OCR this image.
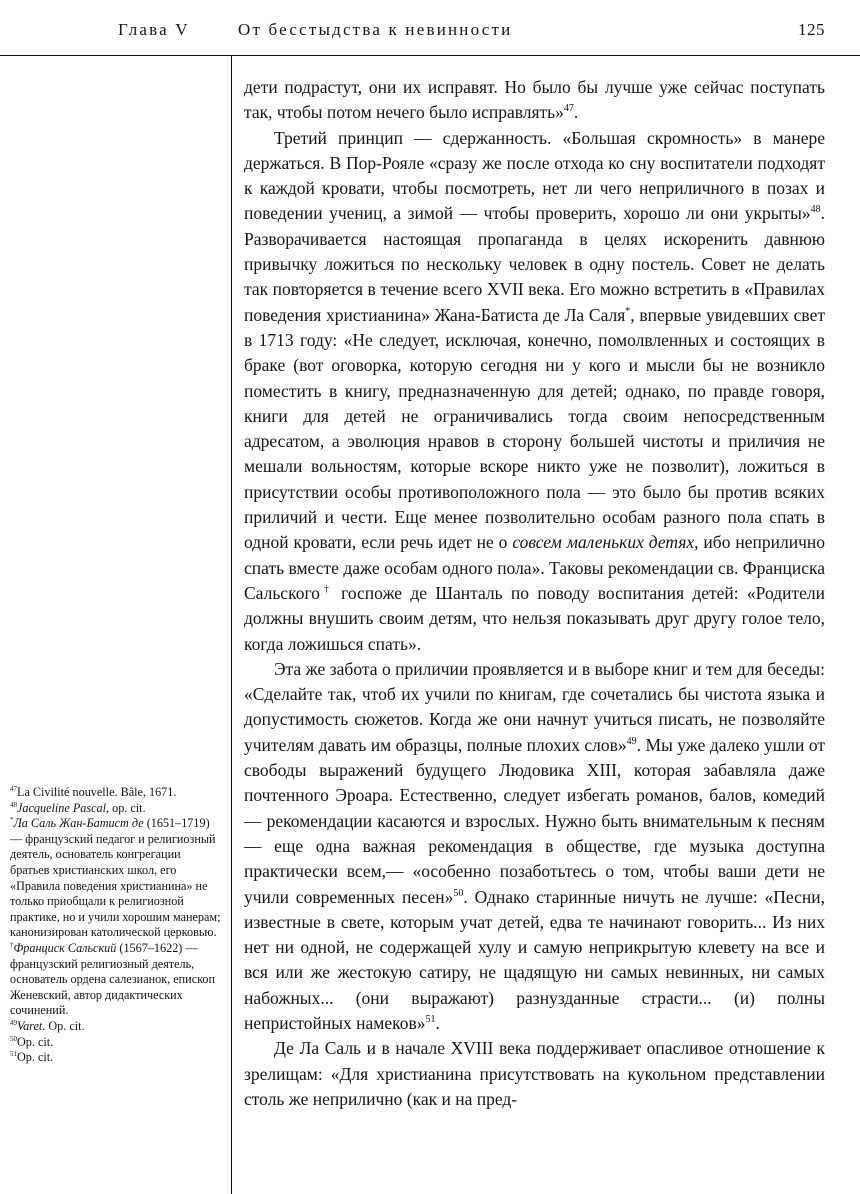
Глава V	От бесстыдства к невинности	125

дети подрастут, они их исправят. Но было бы лучше уже сейчас поступать так, чтобы потом нечего было исправлять»$^{47}$.

Третий принцип — сдержанность. «Большая скромность» в манере держаться. В Пор-Рояле «сразу же после отхода ко сну воспитатели подходят к каждой кровати, чтобы посмотреть, нет ли чего неприличного в позах и поведении учениц, а зимой — чтобы проверить, хорошо ли они укрыты»$^{48}$. Разворачивается настоящая пропаганда в целях искоренить давнюю привычку ложиться по нескольку человек в одну постель. Совет не делать так повторяется в течение всего XVII века. Его можно встретить в «Правилах поведения христианина» Жана-Батиста де Ла Саля*, впервые увидевших свет в 1713 году: «Не следует, исключая, конечно, помолвленных и состоящих в браке (вот оговорка, которую сегодня ни у кого и мысли бы не возникло поместить в книгу, предназначенную для детей; однако, по правде говоря, книги для детей не ограничивались тогда своим непосредственным адресатом, а эволюция нравов в сторону большей чистоты и приличия не мешали вольностям, которые вскоре никто уже не позволит), ложиться в присутствии особы противоположного пола — это было бы против всяких приличий и чести. Еще менее позволительно особам разного пола спать в одной кровати, если речь идет не о совсем маленьких детях, ибо неприлично спать вместе даже особам одного пола». Таковы рекомендации св. Франциска Сальского† госпоже де Шанталь по поводу воспитания детей: «Родители должны внушить своим детям, что нельзя показывать друг другу голое тело, когда ложишься спать».

Эта же забота о приличии проявляется и в выборе книг и тем для беседы: «Сделайте так, чтоб их учили по книгам, где сочетались бы чистота языка и допустимость сюжетов. Когда же они начнут учиться писать, не позволяйте учителям давать им образцы, полные плохих слов»$^{49}$. Мы уже далеко ушли от свободы выражений будущего Людовика XIII, которая забавляла даже почтенного Эроара. Естественно, следует избегать романов, балов, комедий — рекомендации касаются и взрослых. Нужно быть внимательным к песням — еще одна важная рекомендация в обществе, где музыка доступна практически всем,— «особенно позаботьтесь о том, чтобы ваши дети не учили современных песен»$^{50}$. Однако старинные ничуть не лучше: «Песни, известные в свете, которым учат детей, едва те начинают говорить... Из них нет ни одной, не содержащей хулу и самую неприкрытую клевету на все и вся или же жестокую сатиру, не щадящую ни самых невинных, ни самых набожных... (они выражают) разнузданные страсти... (и) полны непристойных намеков»$^{51}$.

Де Ла Саль и в начале XVIII века поддерживает опасливое отношение к зрелищам: «Для христианина присутствовать на кукольном представлении столь же неприлично (как и на пред-

$^{47}$La Civilité nouvelle. Bâle, 1671.

$^{48}$Jacqueline Pascal, op. cit.

*Ла Саль Жан-Батист де (1651–1719) — французский педагог и религиозный деятель, основатель конгрегации братьев христианских школ, его «Правила поведения христианина» не только приобщали к религиозной практике, но и учили хорошим манерам; канонизирован католической церковью.

†Франциск Сальский (1567–1622) — французский религиозный деятель, основатель ордена салезианок, епископ Женевский, автор дидактических сочинений.

$^{49}$Varet. Op. cit.

$^{50}$Op. cit.

$^{51}$Op. cit.
